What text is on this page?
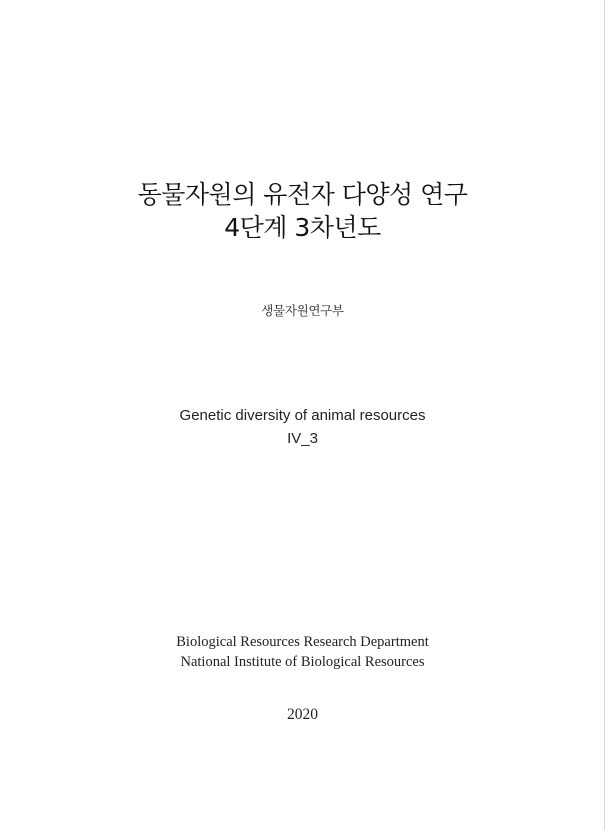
동물자원의 유전자 다양성 연구
4단계 3차년도
생물자원연구부
Genetic diversity of animal resources
IV_3
Biological Resources Research Department
National Institute of Biological Resources
2020
